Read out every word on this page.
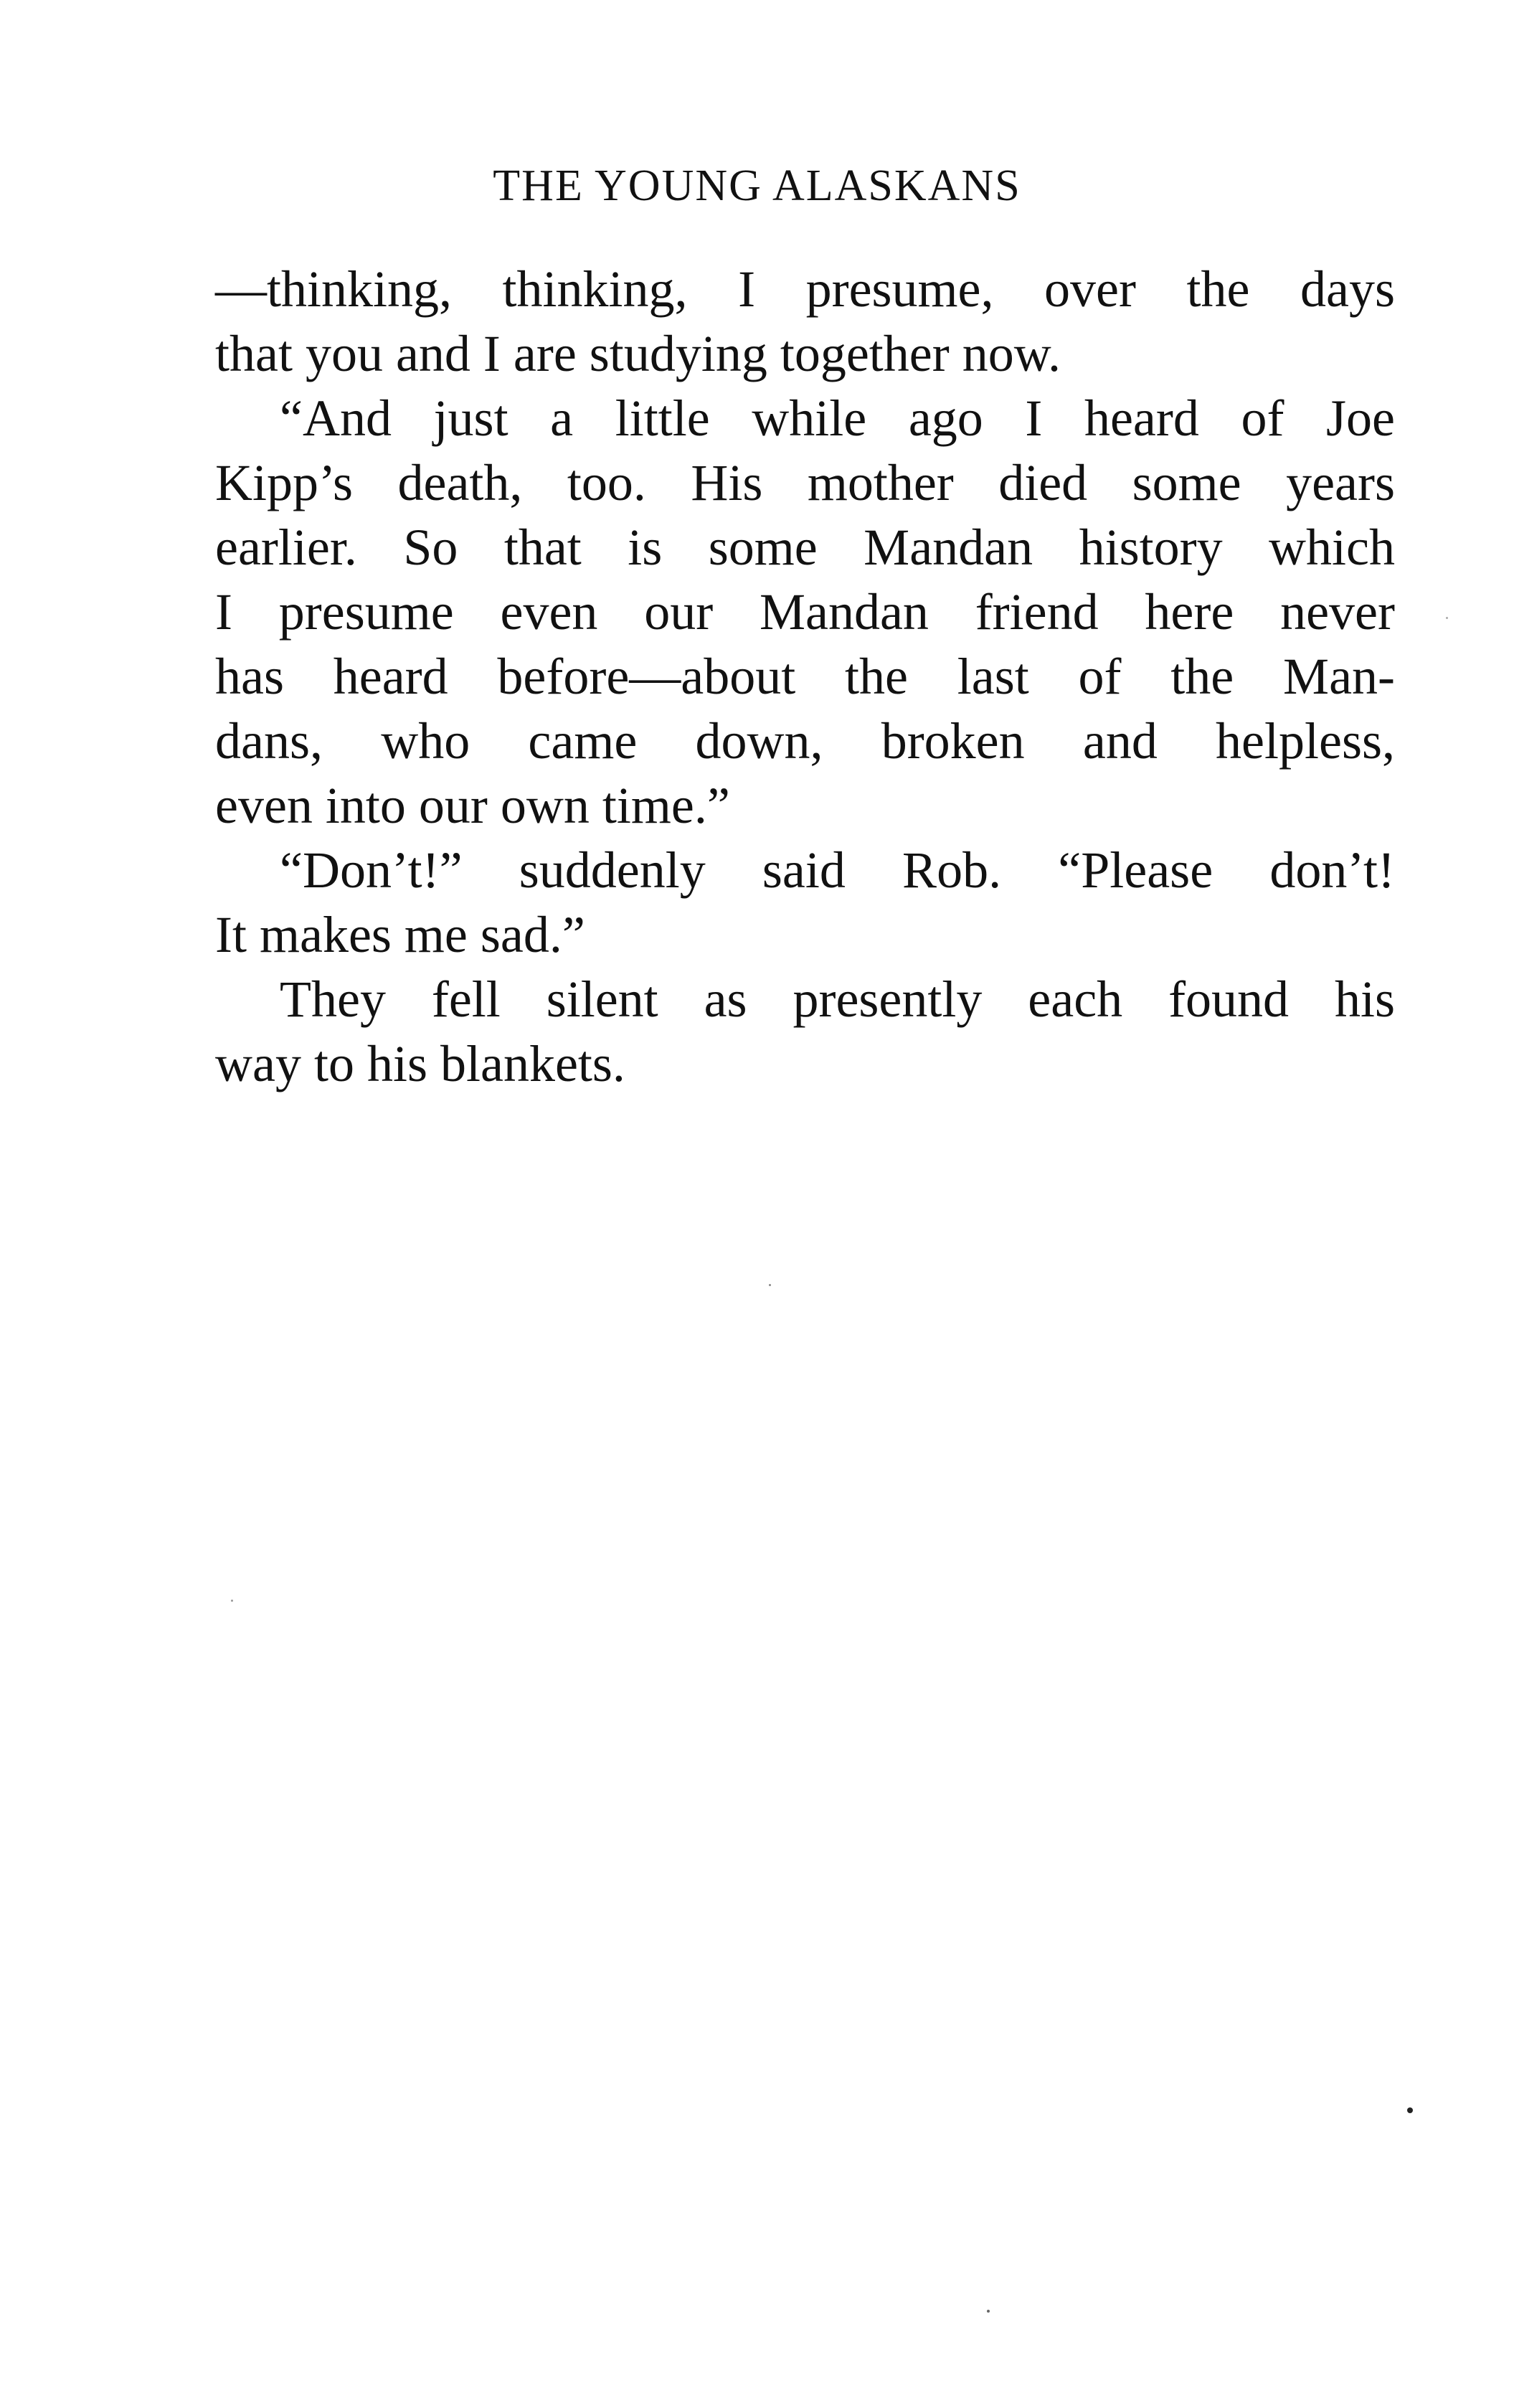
THE YOUNG ALASKANS
—thinking, thinking, I presume, over the days
that you and I are studying together now.
“And just a little while ago I heard of Joe
Kipp’s death, too. His mother died some years
earlier. So that is some Mandan history which
I presume even our Mandan friend here never
has heard before—about the last of the Man-
dans, who came down, broken and helpless,
even into our own time.”
“Don’t!” suddenly said Rob. “Please don’t!
It makes me sad.”
They fell silent as presently each found his
way to his blankets.
